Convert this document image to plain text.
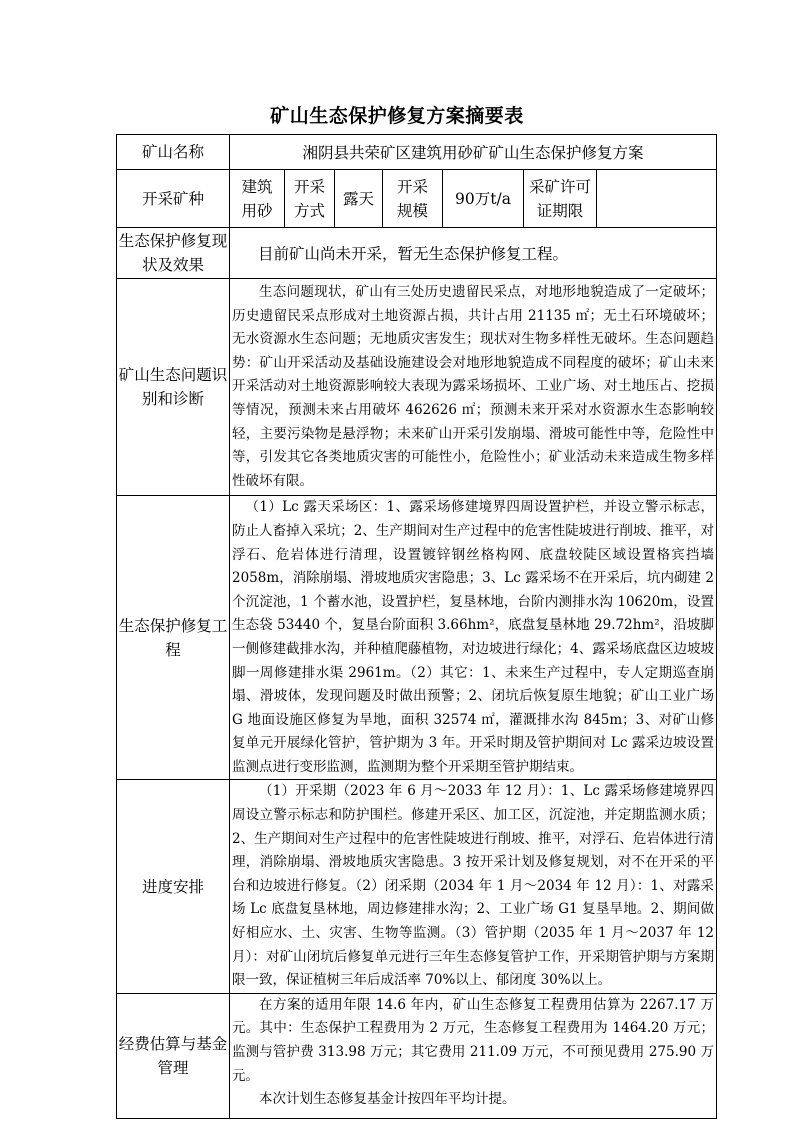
矿山生态保护修复方案摘要表
矿山名称	湘阴县共荣矿区建筑用砂矿矿山生态保护修复方案						
开采矿种	建筑用砂	开采方式	露天	开采规模	90万t/a	采矿许可证期限	
生态保护修复现状及效果	目前矿山尚未开采，暂无生态保护修复工程。						
矿山生态问题识别和诊断	生态问题现状，矿山有三处历史遗留民采点，对地形地貌造成了一定破坏；历史遗留民采点形成对土地资源占损，共计占用 21135 ㎡；无土石环境破坏；无水资源水生态问题；无地质灾害发生；现状对生物多样性无破坏。生态问题趋势：矿山开采活动及基础设施建设会对地形地貌造成不同程度的破坏；矿山未来开采活动对土地资源影响较大表现为露采场损坏、工业广场、对土地压占、挖损等情况，预测未来占用破坏 462626 ㎡；预测未来开采对水资源水生态影响较轻，主要污染物是悬浮物；未来矿山开采引发崩塌、滑坡可能性中等，危险性中等，引发其它各类地质灾害的可能性小，危险性小；矿业活动未来造成生物多样性破坏有限。						

生态保护修复工程	（1）Lc 露天采场区：1、露采场修建境界四周设置护栏，并设立警示标志，防止人畜掉入采坑；2、生产期间对生产过程中的危害性陡坡进行削坡、推平，对浮石、危岩体进行清理，设置镀锌钢丝格构网、底盘较陡区域设置格宾挡墙 2058m，消除崩塌、滑坡地质灾害隐患；3、Lc 露采场不在开采后，坑内砌建 2 个沉淀池，1 个蓄水池，设置护栏，复垦林地，台阶内测排水沟 10620m，设置生态袋 53440 个，复垦台阶面积 3.66hm²，底盘复垦林地 29.72hm²，沿坡脚一侧修建截排水沟，并种植爬藤植物，对边坡进行绿化；4、露采场底盘区边坡坡脚一周修建排水渠 2961m。（2）其它：1、未来生产过程中，专人定期巡查崩塌、滑坡体，发现问题及时做出预警；2、闭坑后恢复原生地貌；矿山工业广场 G 地面设施区修复为旱地，面积 32574 ㎡，灌溉排水沟 845m；3、对矿山修复单元开展绿化管护，管护期为 3 年。开采时期及管护期间对 Lc 露采边坡设置监测点进行变形监测，监测期为整个开采期至管护期结束。						

进度安排	（1）开采期（2023 年 6 月～2033 年 12 月）：1、Lc 露采场修建境界四周设立警示标志和防护围栏。修建开采区、加工区，沉淀池，并定期监测水质；2、生产期间对生产过程中的危害性陡坡进行削坡、推平，对浮石、危岩体进行清理，消除崩塌、滑坡地质灾害隐患。3 按开采计划及修复规划，对不在开采的平台和边坡进行修复。（2）闭采期（2034 年 1 月～2034 年 12 月）：1、对露采场 Lc 底盘复垦林地，周边修建排水沟；2、工业广场 G1 复垦旱地。2、期间做好相应水、土、灾害、生物等监测。（3）管护期（2035 年 1 月～2037 年 12 月）：对矿山闭坑后修复单元进行三年生态修复管护工作，开采期管护期与方案期限一致，保证植树三年后成活率 70%以上、郁闭度 30%以上。						

经费估算与基金管理	在方案的适用年限 14.6 年内，矿山生态修复工程费用估算为 2267.17 万元。其中：生态保护工程费用为 2 万元，生态修复工程费用为 1464.20 万元；监测与管护费 313.98 万元；其它费用 211.09 万元，不可预见费用 275.90 万元。

本次计划生态修复基金计按四年平均计提。						
